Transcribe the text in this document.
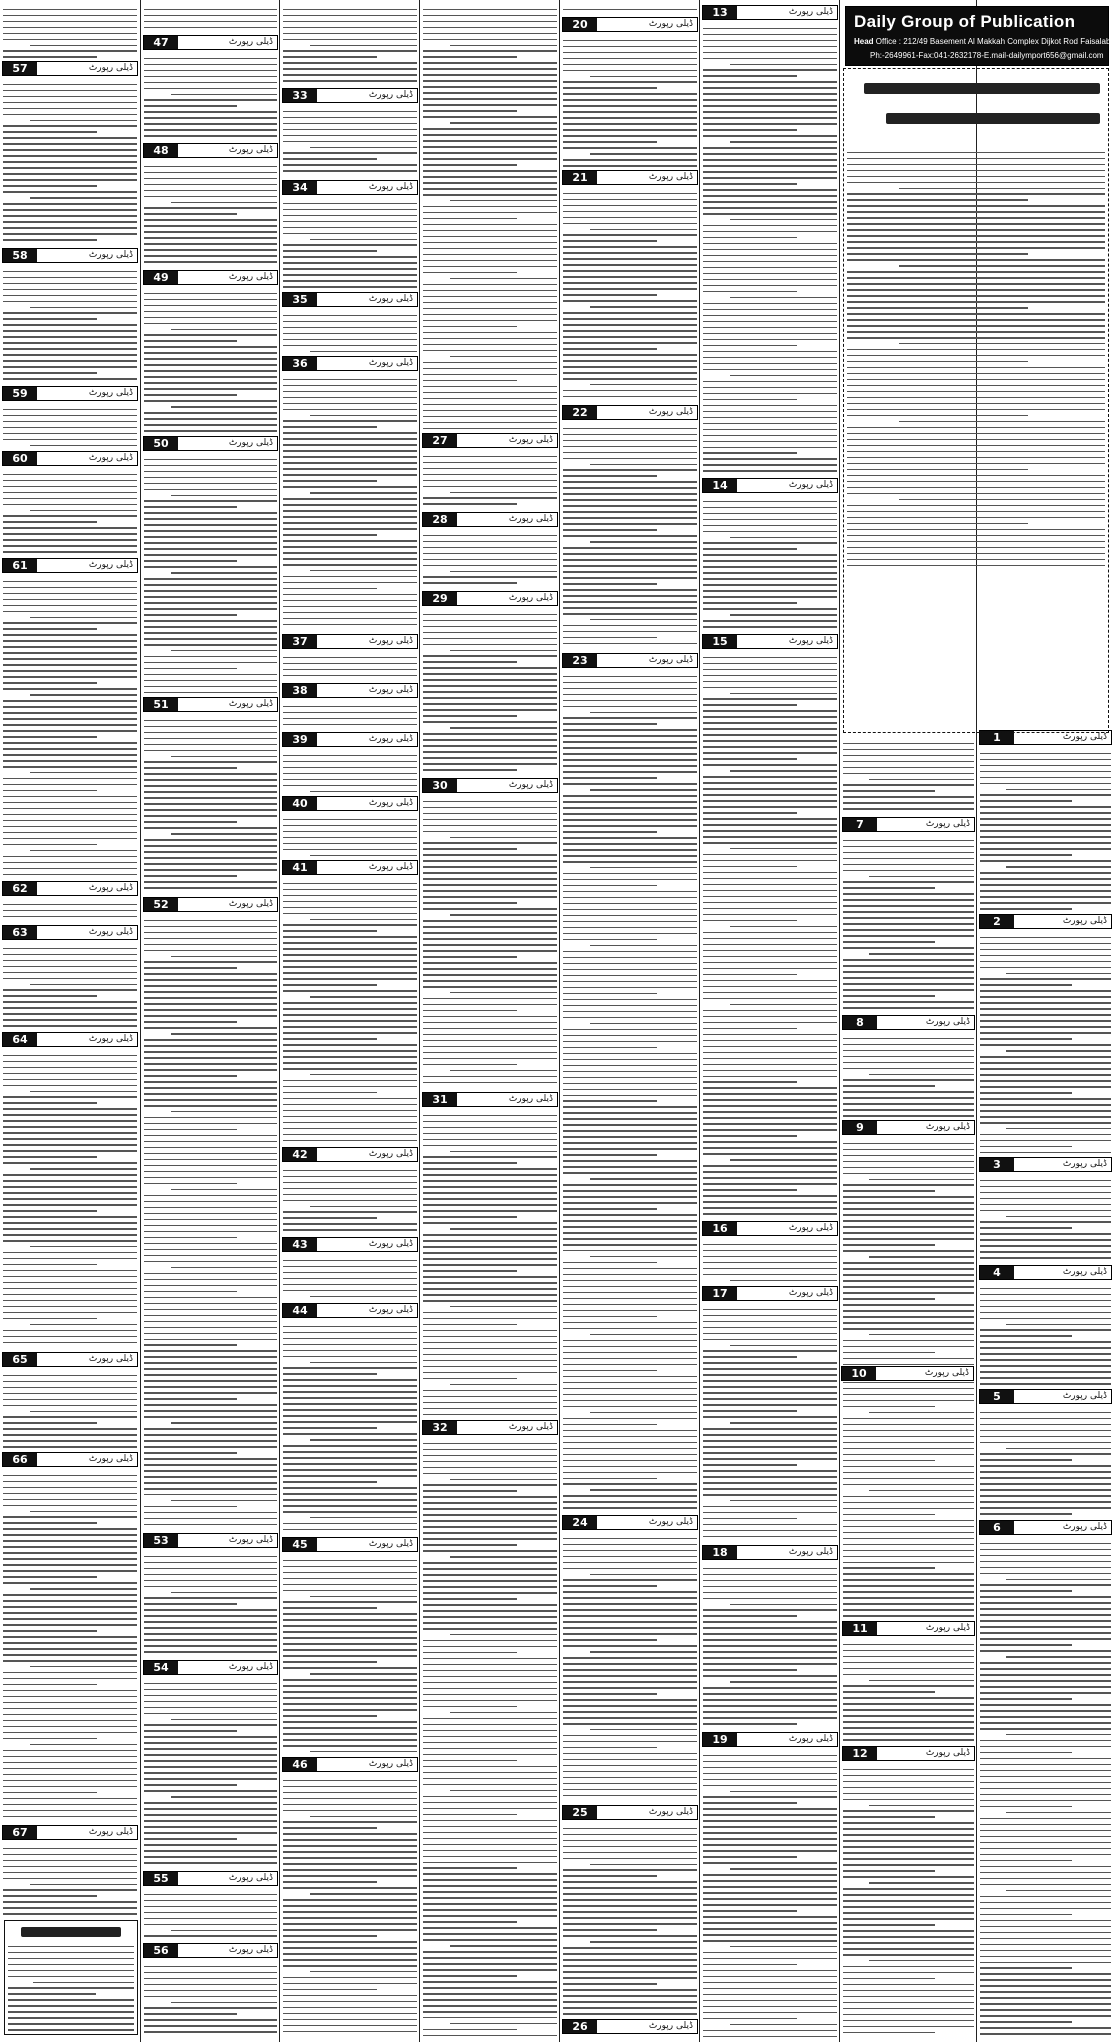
57	ڈیلی رپورٹ
58	ڈیلی رپورٹ
59	ڈیلی رپورٹ
60	ڈیلی رپورٹ
61	ڈیلی رپورٹ
62	ڈیلی رپورٹ
63	ڈیلی رپورٹ
64	ڈیلی رپورٹ
65	ڈیلی رپورٹ
66	ڈیلی رپورٹ
67	ڈیلی رپورٹ
47	ڈیلی رپورٹ
48	ڈیلی رپورٹ
49	ڈیلی رپورٹ
50	ڈیلی رپورٹ
51	ڈیلی رپورٹ
52	ڈیلی رپورٹ
53	ڈیلی رپورٹ
54	ڈیلی رپورٹ
55	ڈیلی رپورٹ
56	ڈیلی رپورٹ
33	ڈیلی رپورٹ
34	ڈیلی رپورٹ
35	ڈیلی رپورٹ
36	ڈیلی رپورٹ
37	ڈیلی رپورٹ
38	ڈیلی رپورٹ
39	ڈیلی رپورٹ
40	ڈیلی رپورٹ
41	ڈیلی رپورٹ
42	ڈیلی رپورٹ
43	ڈیلی رپورٹ
44	ڈیلی رپورٹ
45	ڈیلی رپورٹ
46	ڈیلی رپورٹ
27	ڈیلی رپورٹ
28	ڈیلی رپورٹ
29	ڈیلی رپورٹ
30	ڈیلی رپورٹ
31	ڈیلی رپورٹ
32	ڈیلی رپورٹ
20	ڈیلی رپورٹ
21	ڈیلی رپورٹ
22	ڈیلی رپورٹ
23	ڈیلی رپورٹ
24	ڈیلی رپورٹ
25	ڈیلی رپورٹ
26	ڈیلی رپورٹ
13	ڈیلی رپورٹ
14	ڈیلی رپورٹ
15	ڈیلی رپورٹ
16	ڈیلی رپورٹ
17	ڈیلی رپورٹ
18	ڈیلی رپورٹ
19	ڈیلی رپورٹ
7	ڈیلی رپورٹ
8	ڈیلی رپورٹ
9	ڈیلی رپورٹ
11	ڈیلی رپورٹ
12	ڈیلی رپورٹ
1	ڈیلی رپورٹ
2	ڈیلی رپورٹ
3	ڈیلی رپورٹ
4	ڈیلی رپورٹ
5	ڈیلی رپورٹ
6	ڈیلی رپورٹ
10	ڈیلی رپورٹ
Daily Group of Publication
Head Office : 212/49 Basement Al Makkah Complex Dijkot Rod Faisalabad
Ph:-2649961-Fax:041-2632178-E.mail-dailymport656@gmail.com
